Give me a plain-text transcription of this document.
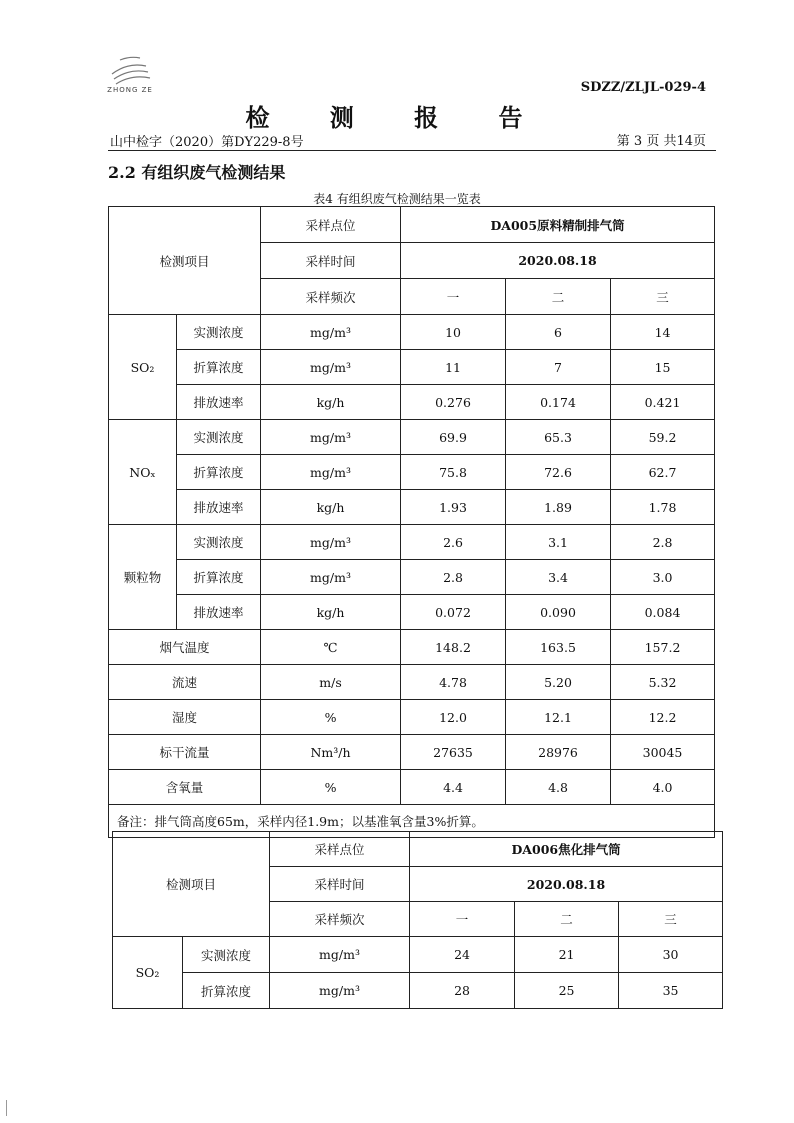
ZHONG ZE	SDZZ/ZLJL-029-4
检 测 报 告
山中检字（2020）第DY229-8号	第 3 页 共14页
2.2 有组织废气检测结果
表4 有组织废气检测结果一览表
检测项目		采样点位	DA005原料精制排气筒		
		采样时间	2020.08.18		
		采样频次	一	二	三
SO₂	实测浓度	mg/m³	10	6	14
	折算浓度	mg/m³	11	7	15
	排放速率	kg/h	0.276	0.174	0.421
NOₓ	实测浓度	mg/m³	69.9	65.3	59.2
	折算浓度	mg/m³	75.8	72.6	62.7
	排放速率	kg/h	1.93	1.89	1.78
颗粒物	实测浓度	mg/m³	2.6	3.1	2.8
	折算浓度	mg/m³	2.8	3.4	3.0
	排放速率	kg/h	0.072	0.090	0.084
烟气温度		℃	148.2	163.5	157.2
流速		m/s	4.78	5.20	5.32
湿度		%	12.0	12.1	12.2
标干流量		Nm³/h	27635	28976	30045
含氧量		%	4.4	4.8	4.0
备注：排气筒高度65m，采样内径1.9m；以基准氧含量3%折算。					
检测项目		采样点位	DA006焦化排气筒		
		采样时间	2020.08.18		
		采样频次	一	二	三
SO₂	实测浓度	mg/m³	24	21	30
	折算浓度	mg/m³	28	25	35
